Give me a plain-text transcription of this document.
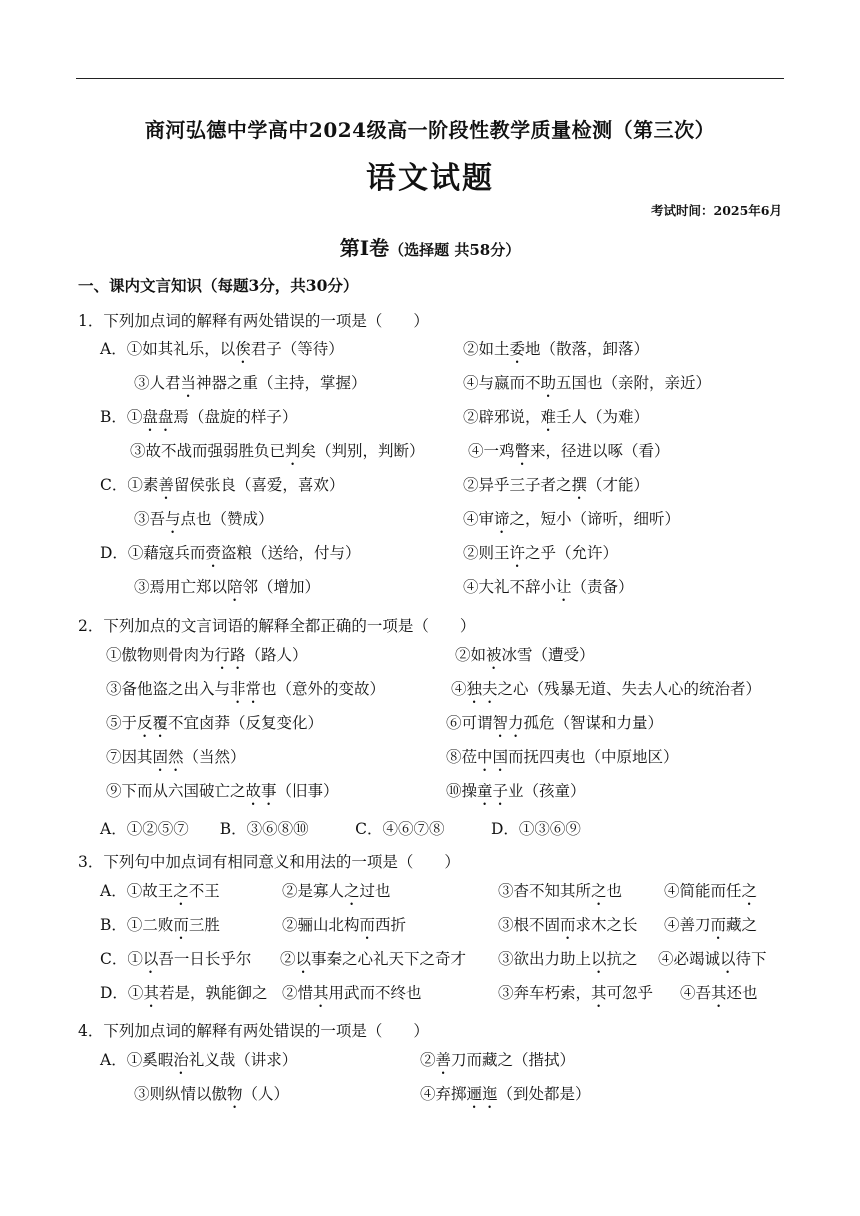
商河弘德中学高中2024级高一阶段性教学质量检测（第三次）
语文试题
考试时间：2025年6月
第Ⅰ卷（选择题 共58分）
一、课内文言知识（每题3分，共30分）
1．下列加点词的解释有两处错误的一项是（　　）
A．①如其礼乐，以俟君子（等待）	②如土委地（散落，卸落）
③人君当神器之重（主持，掌握）	④与嬴而不助五国也（亲附，亲近）
B．①盘盘焉（盘旋的样子）	②辟邪说，难壬人（为难）
③故不战而强弱胜负已判矣（判别，判断）	④一鸡瞥来，径进以啄（看）
C．①素善留侯张良（喜爱，喜欢）	②异乎三子者之撰（才能）
③吾与点也（赞成）	④审谛之，短小（谛听，细听）
D．①藉寇兵而赍盗粮（送给，付与）	②则王许之乎（允许）
③焉用亡郑以陪邻（增加）	④大礼不辞小让（责备）
2．下列加点的文言词语的解释全都正确的一项是（　　）
①傲物则骨肉为行路（路人）	②如被冰雪（遭受）
③备他盗之出入与非常也（意外的变故）	④独夫之心（残暴无道、失去人心的统治者）
⑤于反覆不宜卤莽（反复变化）	⑥可谓智力孤危（智谋和力量）
⑦因其固然（当然）	⑧莅中国而抚四夷也（中原地区）
⑨下而从六国破亡之故事（旧事）	⑩操童子业（孩童）
A．①②⑤⑦　　B．③⑥⑧⑩　　　C．④⑥⑦⑧　　　D．①③⑥⑨
3．下列句中加点词有相同意义和用法的一项是（　　）
A．①故王之不王	②是寡人之过也	③杳不知其所之也	④简能而任之
B．①二败而三胜	②骊山北构而西折	③根不固而求木之长 ④善刀而藏之
C．①以吾一日长乎尔 ②以事秦之心礼天下之奇才 ③欲出力助上以抗之 ④必竭诚以待下
D．①其若是，孰能御之 ②惜其用武而不终也	③奔车朽索，其可忽乎 ④吾其还也
4．下列加点词的解释有两处错误的一项是（　　）
A．①奚暇治礼义哉（讲求）	②善刀而藏之（揩拭）
③则纵情以傲物（人）	④弃掷逦迤（到处都是）
